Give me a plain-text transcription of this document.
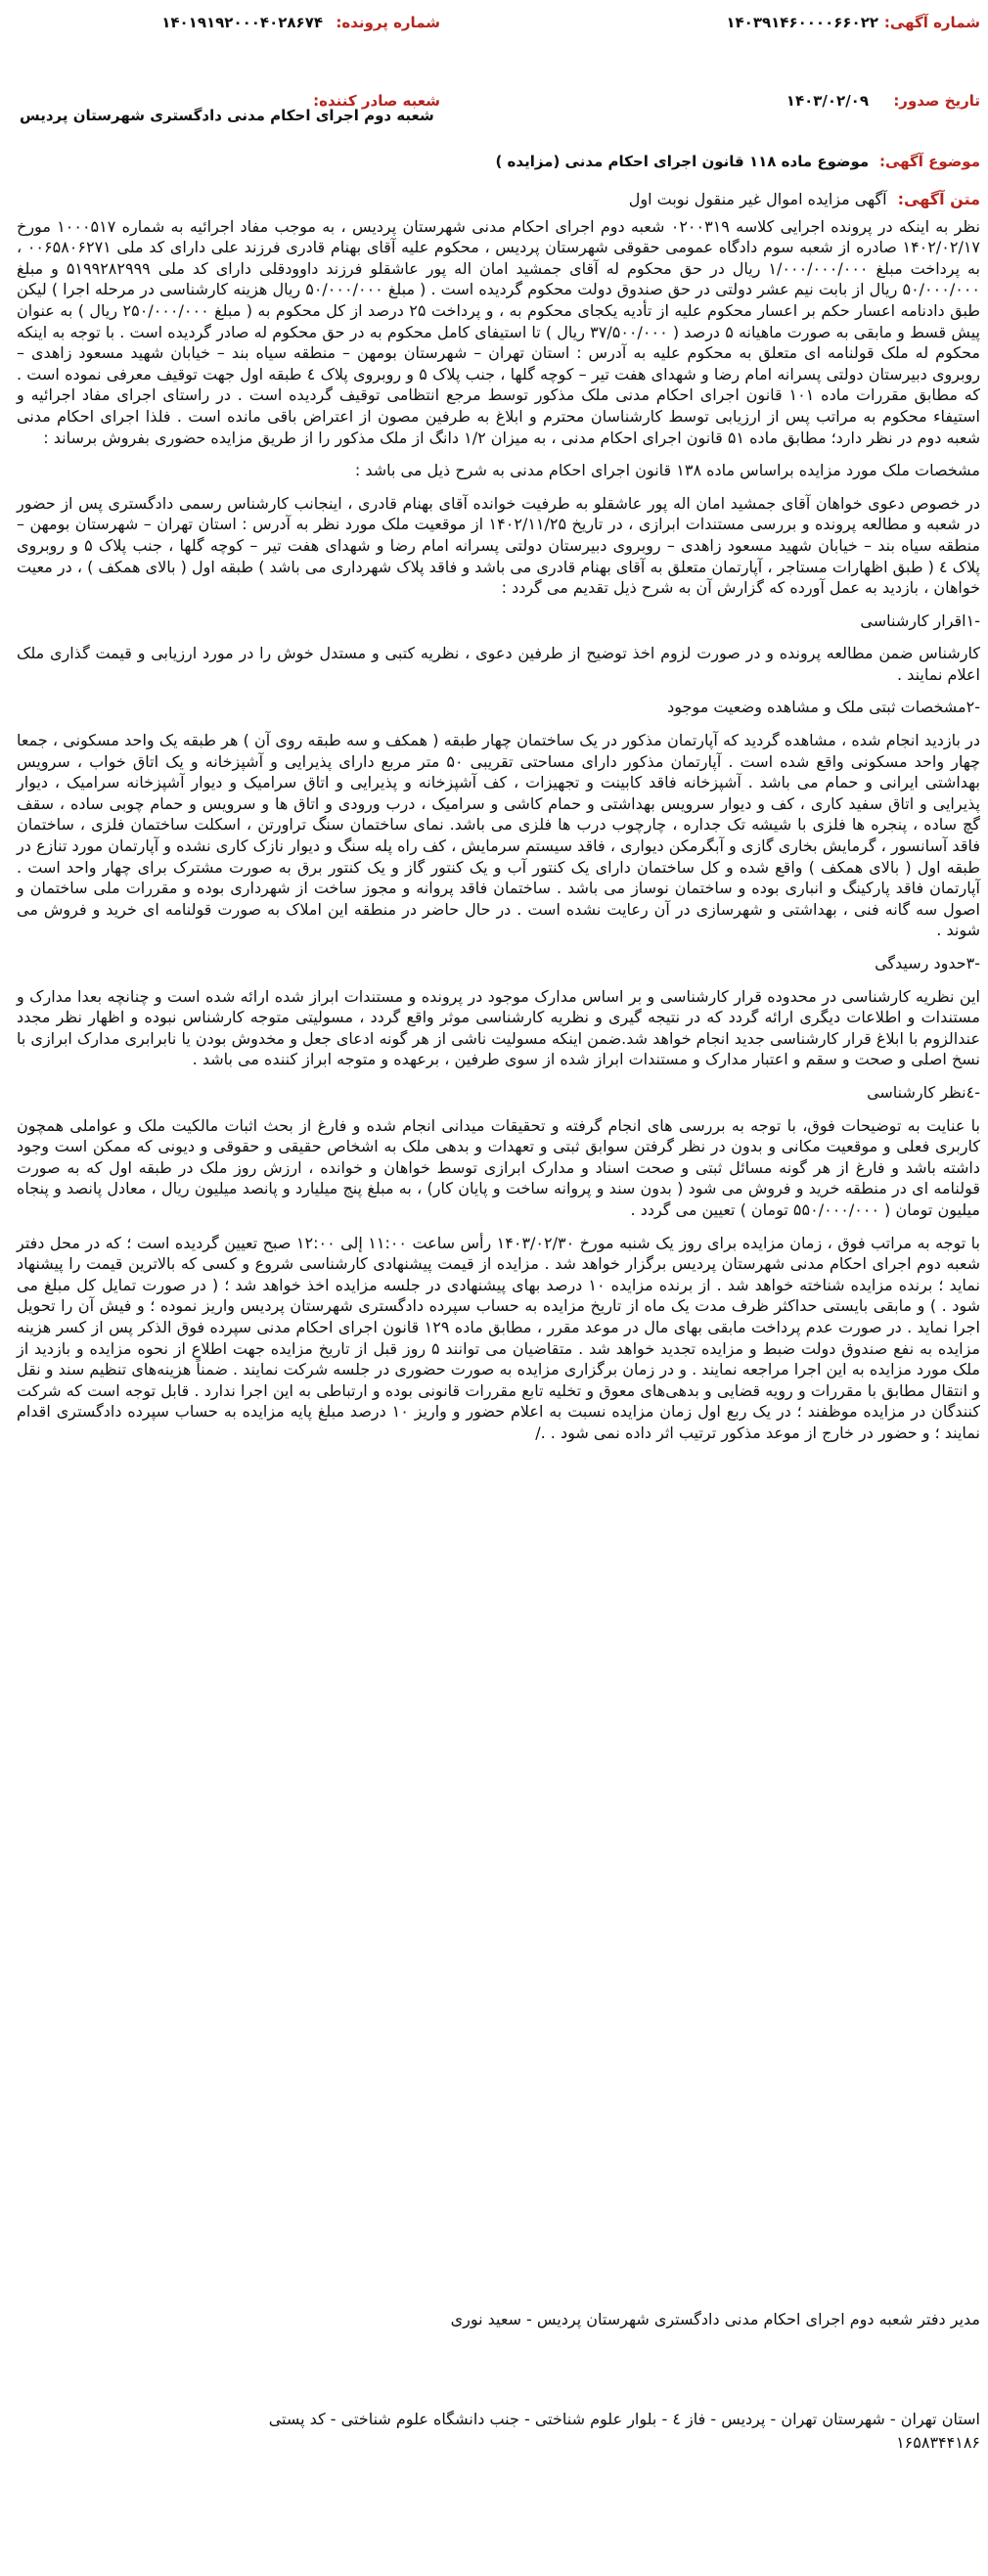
شماره آگهی:
۱۴۰۳۹۱۴۶۰۰۰۰۶۶۰۲۲
شماره پرونده:
۱۴۰۱۹۱۹۲۰۰۰۴۰۲۸۶۷۴
تاریخ صدور:
۱۴۰۳/۰۲/۰۹
شعبه صادر کننده:
شعبه دوم اجرای احکام مدنی دادگستری شهرستان پردیس
موضوع آگهی: موضوع ماده ۱۱۸ قانون اجرای احکام مدنی (مزایده )

متن آگهی: آگهی مزایده اموال غیر منقول نوبت اول

نظر به اینکه در پرونده اجرایی کلاسه ۰۲۰۰۳۱۹ شعبه دوم اجرای احکام مدنی شهرستان پردیس ، به موجب مفاد اجرائیه به شماره ۱۰۰۰۵۱۷ مورخ ۱۴۰۲/۰۲/۱۷ صادره از شعبه سوم دادگاه عمومی حقوقی شهرستان پردیس ، محکوم علیه آقای بهنام قادری فرزند علی دارای کد ملی ۰۰۶۵۸۰۶۲۷۱ ، به پرداخت مبلغ ۱/۰۰۰/۰۰۰/۰۰۰ ریال در حق محکوم له آقای جمشید امان اله پور عاشقلو فرزند داوودقلی دارای کد ملی ۵۱۹۹۲۸۲۹۹۹ و مبلغ ۵۰/۰۰۰/۰۰۰ ریال از بابت نیم عشر دولتی در حق صندوق دولت محکوم گردیده است . ( مبلغ ۵۰/۰۰۰/۰۰۰ ریال هزینه کارشناسی در مرحله اجرا ) لیکن طبق دادنامه اعسار حکم بر اعسار محکوم علیه از تأدیه یکجای محکوم به ، و پرداخت ۲۵ درصد از کل محکوم به ( مبلغ ۲۵۰/۰۰۰/۰۰۰ ریال ) به عنوان پیش قسط و مابقی به صورت ماهیانه ۵ درصد ( ۳۷/۵۰۰/۰۰۰ ریال ) تا استیفای کامل محکوم به در حق محکوم له صادر گردیده است . با توجه به اینکه محکوم له ملک قولنامه ای متعلق به محکوم علیه به آدرس : استان تهران – شهرستان بومهن – منطقه سیاه بند – خیابان شهید مسعود زاهدی – روبروی دبیرستان دولتی پسرانه امام رضا و شهدای هفت تیر – کوچه گلها ، جنب پلاک ۵ و روبروی پلاک ٤ طبقه اول جهت توقیف معرفی نموده است . که مطابق مقررات ماده ۱۰۱ قانون اجرای احکام مدنی ملک مذکور توسط مرجع انتظامی توقیف گردیده است . در راستای اجرای مفاد اجرائیه و استیفاء محکوم به مراتب پس از ارزیابی توسط کارشناسان محترم و ابلاغ به طرفین مصون از اعتراض باقی مانده است . فلذا اجرای احکام مدنی شعبه دوم در نظر دارد؛ مطابق ماده ۵۱ قانون اجرای احکام مدنی ، به میزان ۱/۲ دانگ از ملک مذکور را از طریق مزایده حضوری بفروش برساند :

مشخصات ملک مورد مزایده براساس ماده ۱۳۸ قانون اجرای احکام مدنی به شرح ذیل می باشد :

در خصوص دعوی خواهان آقای جمشید امان اله پور عاشقلو به طرفیت خوانده آقای بهنام قادری ، اینجانب کارشناس رسمی دادگستری پس از حضور در شعبه و مطالعه پرونده و بررسی مستندات ابرازی ، در تاریخ ۱۴۰۲/۱۱/۲۵ از موقعیت ملک مورد نظر به آدرس : استان تهران – شهرستان بومهن – منطقه سیاه بند – خیابان شهید مسعود زاهدی – روبروی دبیرستان دولتی پسرانه امام رضا و شهدای هفت تیر – کوچه گلها ، جنب پلاک ۵ و روبروی پلاک ٤ ( طبق اظهارات مستاجر ، آپارتمان متعلق به آقای بهنام قادری می باشد و فاقد پلاک شهرداری می باشد ) طبقه اول ( بالای همکف ) ، در معیت خواهان ، بازدید به عمل آورده که گزارش آن به شرح ذیل تقدیم می گردد :

-۱اقرار کارشناسی

کارشناس ضمن مطالعه پرونده و در صورت لزوم اخذ توضیح از طرفین دعوی ، نظریه کتبی و مستدل خوش را در مورد ارزیابی و قیمت گذاری ملک اعلام نمایند .

-۲مشخصات ثبتی ملک و مشاهده وضعیت موجود

در بازدید انجام شده ، مشاهده گردید که آپارتمان مذکور در یک ساختمان چهار طبقه ( همکف و سه طبقه روی آن ) هر طبقه یک واحد مسکونی ، جمعا چهار واحد مسکونی واقع شده است . آپارتمان مذکور دارای مساحتی تقریبی ۵۰ متر مربع دارای پذیرایی و آشپزخانه و یک اتاق خواب ، سرویس بهداشتی ایرانی و حمام می باشد . آشپزخانه فاقد کابینت و تجهیزات ، کف آشپزخانه و پذیرایی و اتاق سرامیک و دیوار آشپزخانه سرامیک ، دیوار پذیرایی و اتاق سفید کاری ، کف و دیوار سرویس بهداشتی و حمام کاشی و سرامیک ، درب ورودی و اتاق ها و سرویس و حمام چوبی ساده ، سقف گچ ساده ، پنجره ها فلزی با شیشه تک جداره ، چارچوب درب ها فلزی می باشد. نمای ساختمان سنگ تراورتن ، اسکلت ساختمان فلزی ، ساختمان فاقد آسانسور ، گرمایش بخاری گازی و آبگرمکن دیواری ، فاقد سیستم سرمایش ، کف راه پله سنگ و دیوار نازک کاری نشده و آپارتمان مورد تنازع در طبقه اول ( بالای همکف ) واقع شده و کل ساختمان دارای یک کنتور آب و یک کنتور گاز و یک کنتور برق به صورت مشترک برای چهار واحد است . آپارتمان فاقد پارکینگ و انباری بوده و ساختمان نوساز می باشد . ساختمان فاقد پروانه و مجوز ساخت از شهرداری بوده و مقررات ملی ساختمان و اصول سه گانه فنی ، بهداشتی و شهرسازی در آن رعایت نشده است . در حال حاضر در منطقه این املاک به صورت قولنامه ای خرید و فروش می شوند .

-۳حدود رسیدگی

این نظریه کارشناسی در محدوده قرار کارشناسی و بر اساس مدارک موجود در پرونده و مستندات ابراز شده ارائه شده است و چنانچه بعدا مدارک و مستندات و اطلاعات دیگری ارائه گردد که در نتیجه گیری و نظریه کارشناسی موثر واقع گردد ، مسولیتی متوجه کارشناس نبوده و اظهار نظر مجدد عندالزوم با ابلاغ قرار کارشناسی جدید انجام خواهد شد.ضمن اینکه مسولیت ناشی از هر گونه ادعای جعل و مخدوش بودن یا نابرابری مدارک ابرازی با نسخ اصلی و صحت و سقم و اعتبار مدارک و مستندات ابراز شده از سوی طرفین ، برعهده و متوجه ابراز کننده می باشد .

-٤نظر کارشناسی

با عنایت به توضیحات فوق، با توجه به بررسی های انجام گرفته و تحقیقات میدانی انجام شده و فارغ از بحث اثبات مالکیت ملک و عواملی همچون کاربری فعلی و موقعیت مکانی و بدون در نظر گرفتن سوابق ثبتی و تعهدات و بدهی ملک به اشخاص حقیقی و حقوقی و دیونی که ممکن است وجود داشته باشد و فارغ از هر گونه مسائل ثبتی و صحت اسناد و مدارک ابرازی توسط خواهان و خوانده ، ارزش روز ملک در طبقه اول که به صورت قولنامه ای در منطقه خرید و فروش می شود ( بدون سند و پروانه ساخت و پایان کار) ، به مبلغ پنج میلیارد و پانصد میلیون ریال ، معادل پانصد و پنجاه میلیون تومان ( ۵۵۰/۰۰۰/۰۰۰ تومان ) تعیین می گردد .

با توجه به مراتب فوق ، زمان مزایده برای روز یک شنبه مورخ ۱۴۰۳/۰۲/۳۰ رأس ساعت ۱۱:۰۰ إلی ۱۲:۰۰ صبح تعیین گردیده است ؛ که در محل دفتر شعبه دوم اجرای احکام مدنی شهرستان پردیس برگزار خواهد شد . مزایده از قیمت پیشنهادی کارشناسی شروع و کسی که بالاترین قیمت را پیشنهاد نماید ؛ برنده مزایده شناخته خواهد شد . از برنده مزایده ۱۰ درصد بهای پیشنهادی در جلسه مزایده اخذ خواهد شد ؛ ( در صورت تمایل کل مبلغ می شود . ) و مابقی بایستی حداکثر ظرف مدت یک ماه از تاریخ مزایده به حساب سپرده دادگستری شهرستان پردیس واریز نموده ؛ و فیش آن را تحویل اجرا نماید . در صورت عدم پرداخت مابقی بهای مال در موعد مقرر ، مطابق ماده ۱۲۹ قانون اجرای احکام مدنی سپرده فوق الذکر پس از کسر هزینه مزایده به نفع صندوق دولت ضبط و مزایده تجدید خواهد شد . متقاضیان می توانند ۵ روز قبل از تاریخ مزایده جهت اطلاع از نحوه مزایده و بازدید از ملک مورد مزایده به این اجرا مراجعه نمایند . و در زمان برگزاری مزایده به صورت حضوری در جلسه شرکت نمایند . ضمناً هزینه‌های تنظیم سند و نقل و انتقال مطابق با مقررات و رویه قضایی و بدهی‌های معوق و تخلیه تابع مقررات قانونی بوده و ارتباطی به این اجرا ندارد . قابل توجه است که شرکت کنندگان در مزایده موظفند ؛ در یک ربع اول زمان مزایده نسبت به اعلام حضور و واریز ۱۰ درصد مبلغ پایه مزایده به حساب سپرده دادگستری اقدام نمایند ؛ و حضور در خارج از موعد مذکور ترتیب اثر داده نمی شود . ./

مدیر دفتر شعبه دوم اجرای احکام مدنی دادگستری شهرستان پردیس - سعید نوری
استان تهران - شهرستان تهران - پردیس - فاز ٤ - بلوار علوم شناختی - جنب دانشگاه علوم شناختی - کد پستی
۱۶۵۸۳۴۴۱۸۶
